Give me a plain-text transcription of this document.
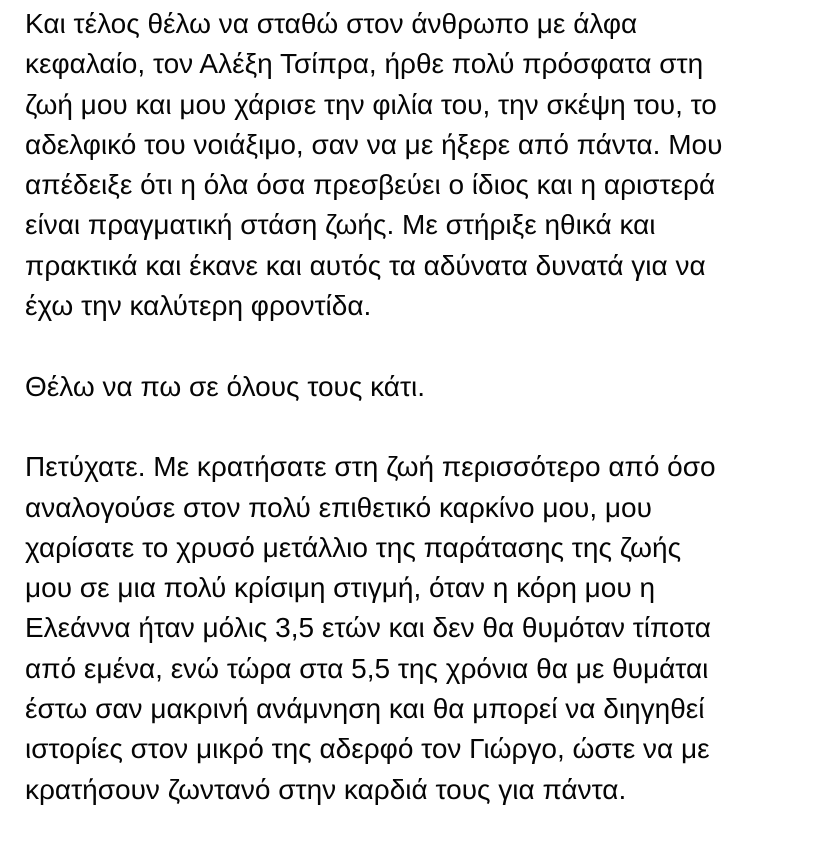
Και τέλος θέλω να σταθώ στον άνθρωπο με άλφα
κεφαλαίο, τον Αλέξη Τσίπρα, ήρθε πολύ πρόσφατα στη
ζωή μου και μου χάρισε την φιλία του, την σκέψη του, το
αδελφικό του νοιάξιμο, σαν να με ήξερε από πάντα. Μου
απέδειξε ότι η όλα όσα πρεσβεύει ο ίδιος και η αριστερά
είναι πραγματική στάση ζωής. Με στήριξε ηθικά και
πρακτικά και έκανε και αυτός τα αδύνατα δυνατά για να
έχω την καλύτερη φροντίδα.

Θέλω να πω σε όλους τους κάτι.

Πετύχατε. Με κρατήσατε στη ζωή περισσότερο από όσο
αναλογούσε στον πολύ επιθετικό καρκίνο μου, μου
χαρίσατε το χρυσό μετάλλιο της παράτασης της ζωής
μου σε μια πολύ κρίσιμη στιγμή, όταν η κόρη μου η
Ελεάννα ήταν μόλις 3,5 ετών και δεν θα θυμόταν τίποτα
από εμένα, ενώ τώρα στα 5,5 της χρόνια θα με θυμάται
έστω σαν μακρινή ανάμνηση και θα μπορεί να διηγηθεί
ιστορίες στον μικρό της αδερφό τον Γιώργο, ώστε να με
κρατήσουν ζωντανό στην καρδιά τους για πάντα.
